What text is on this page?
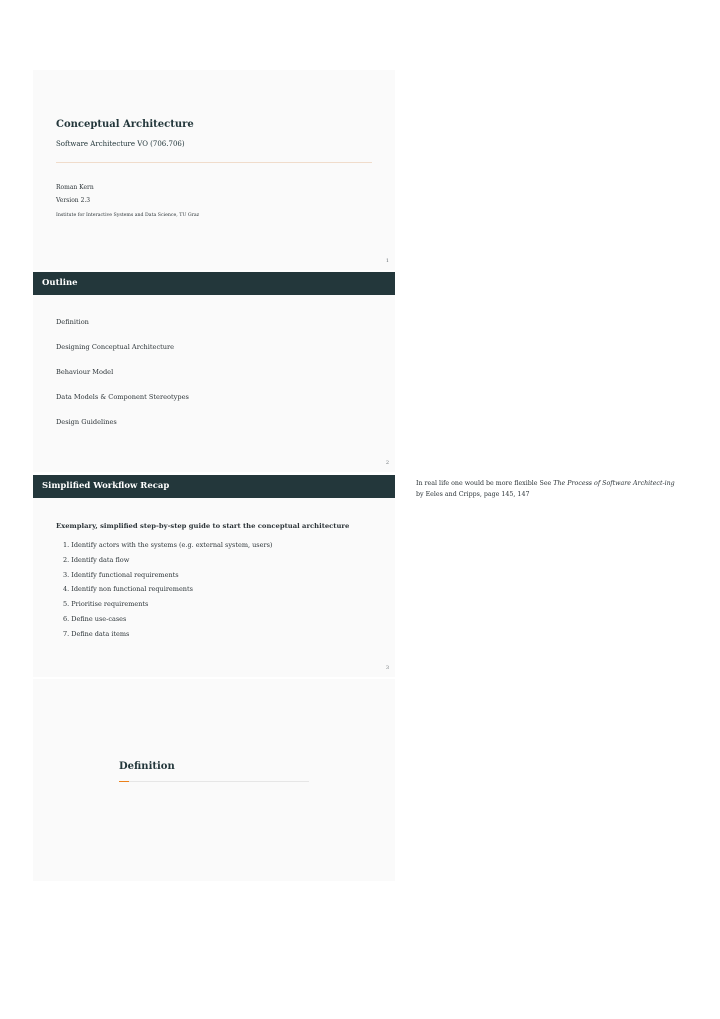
Conceptual Architecture
Software Architecture VO (706.706)
Roman Kern
Version 2.3
Institute for Interactive Systems and Data Science, TU Graz
1
Outline
Definition
Designing Conceptual Architecture
Behaviour Model
Data Models & Component Stereotypes
Design Guidelines
2
Simplified Workflow Recap
Exemplary, simplified step-by-step guide to start the conceptual architecture
1. Identify actors with the systems (e.g. external system, users)
2. Identify data flow
3. Identify functional requirements
4. Identify non functional requirements
5. Prioritise requirements
6. Define use-cases
7. Define data items
3
Definition
In real life one would be more flexible See The Process of Software Architect-ing by Eeles and Cripps, page 145, 147
